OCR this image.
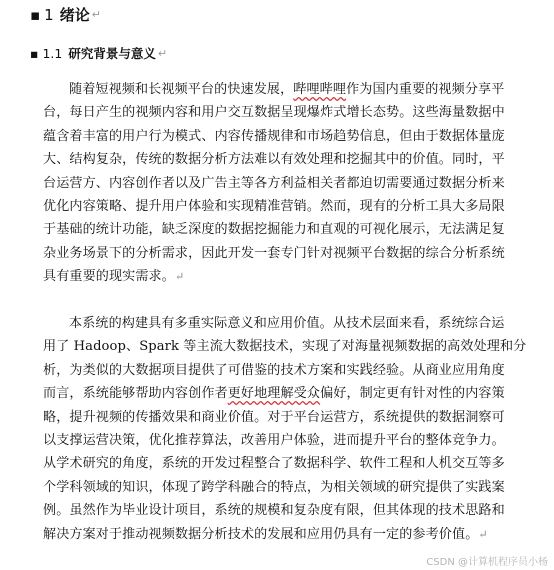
▪ 1 绪论 ↵
▪ 1.1 研究背景与意义 ↵
随着短视频和长视频平台的快速发展，哔哩哔哩作为国内重要的视频分享平
台，每日产生的视频内容和用户交互数据呈现爆炸式增长态势。这些海量数据中
蕴含着丰富的用户行为模式、内容传播规律和市场趋势信息，但由于数据体量庞
大、结构复杂，传统的数据分析方法难以有效处理和挖掘其中的价值。同时，平
台运营方、内容创作者以及广告主等各方利益相关者都迫切需要通过数据分析来
优化内容策略、提升用户体验和实现精准营销。然而，现有的分析工具大多局限
于基础的统计功能，缺乏深度的数据挖掘能力和直观的可视化展示，无法满足复
杂业务场景下的分析需求，因此开发一套专门针对视频平台数据的综合分析系统
具有重要的现实需求。↵
本系统的构建具有多重实际意义和应用价值。从技术层面来看，系统综合运
用了 Hadoop、Spark 等主流大数据技术，实现了对海量视频数据的高效处理和分
析，为类似的大数据项目提供了可借鉴的技术方案和实践经验。从商业应用角度
而言，系统能够帮助内容创作者更好地理解受众偏好，制定更有针对性的内容策
略，提升视频的传播效果和商业价值。对于平台运营方，系统提供的数据洞察可
以支撑运营决策，优化推荐算法，改善用户体验，进而提升平台的整体竞争力。
从学术研究的角度，系统的开发过程整合了数据科学、软件工程和人机交互等多
个学科领域的知识，体现了跨学科融合的特点，为相关领域的研究提供了实践案
例。虽然作为毕业设计项目，系统的规模和复杂度有限，但其体现的技术思路和
解决方案对于推动视频数据分析技术的发展和应用仍具有一定的参考价值。↵
CSDN @计算机程序员小杨
